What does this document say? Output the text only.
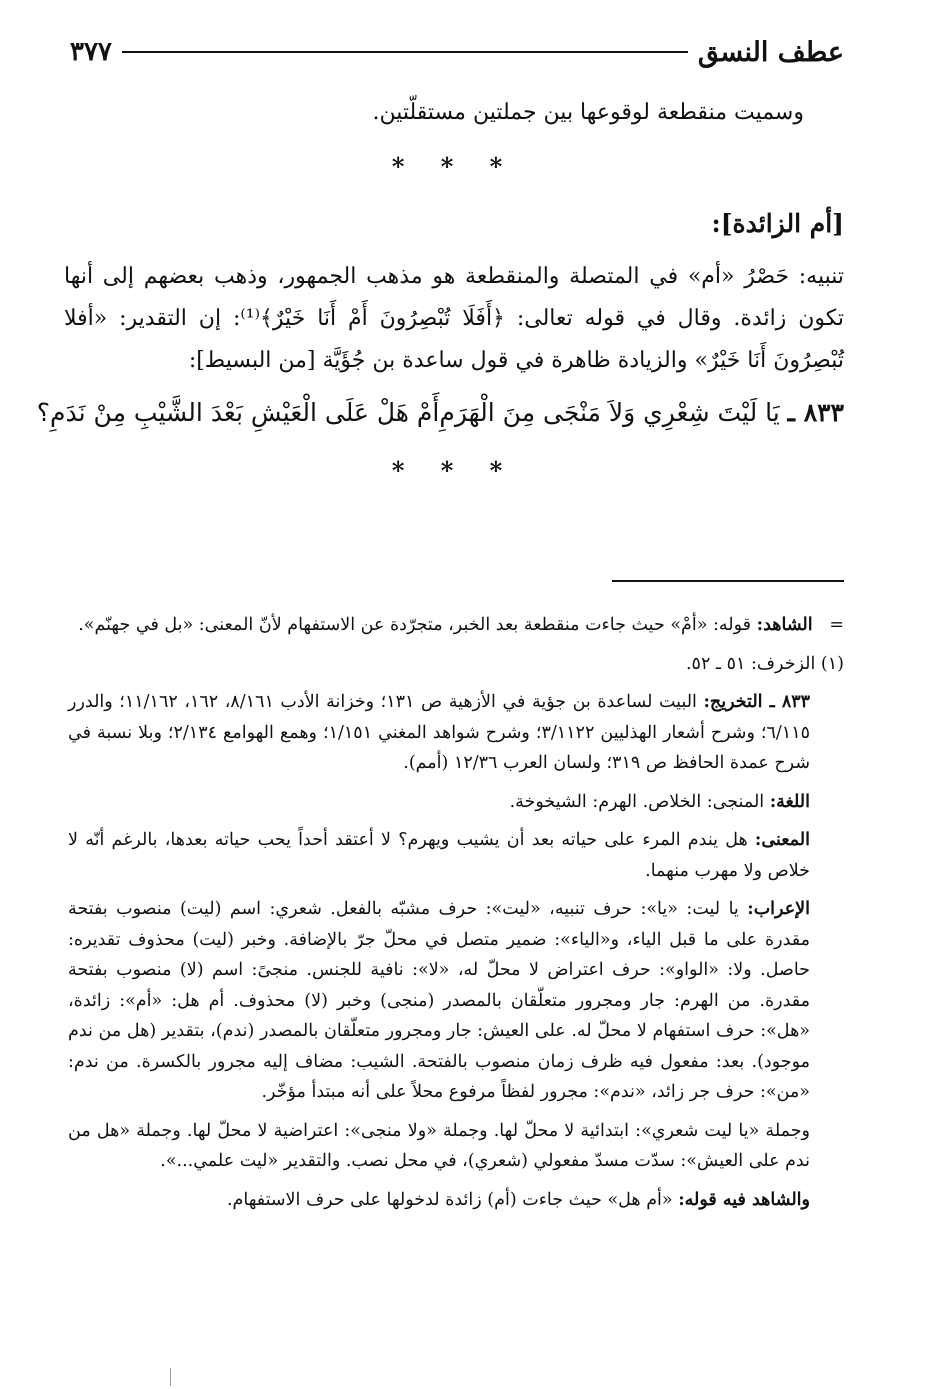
عطف النسق
٣٧٧

وسميت منقطعة لوقوعها بين جملتين مستقلّتين.

* * *
[أم الزائدة]:

تنبيه: حَصْرُ «أم» في المتصلة والمنقطعة هو مذهب الجمهور، وذهب بعضهم إلى أنها تكون زائدة. وقال في قوله تعالى: ﴿أَفَلَا تُبْصِرُونَ أَمْ أَنَا خَيْرٌ﴾⁽¹⁾: إن التقدير: «أفلا تُبْصِرُونَ أَنَا خَيْرٌ» والزيادة ظاهرة في قول ساعدة بن جُؤَيَّة [من البسيط]:

٨٣٣ ـ يَا لَيْتَ شِعْرِي وَلاَ مَنْجَى مِنَ الْهَرَمِ
أَمْ هَلْ عَلَى الْعَيْشِ بَعْدَ الشَّيْبِ مِنْ نَدَمِ؟
* * *

=   الشاهد: قوله: «أمْ» حيث جاءت منقطعة بعد الخبر، متجرّدة عن الاستفهام لأنّ المعنى: «بل في جهنّم».

(١) الزخرف: ٥١ ـ ٥٢.

٨٣٣ ـ التخريج: البيت لساعدة بن جؤية في الأزهية ص ١٣١؛ وخزانة الأدب ٨/١٦١، ١٦٢، ١١/١٦٢؛ والدرر ٦/١١٥؛ وشرح أشعار الهذليين ٣/١١٢٢؛ وشرح شواهد المغني ١/١٥١؛ وهمع الهوامع ٢/١٣٤؛ وبلا نسبة في شرح عمدة الحافظ ص ٣١٩؛ ولسان العرب ١٢/٣٦ (أمم).

اللغة: المنجى: الخلاص. الهرم: الشيخوخة.

المعنى: هل يندم المرء على حياته بعد أن يشيب ويهرم؟ لا أعتقد أحداً يحب حياته بعدها، بالرغم أنّه لا خلاص ولا مهرب منهما.

الإعراب: يا ليت: «يا»: حرف تنبيه، «ليت»: حرف مشبّه بالفعل. شعري: اسم (ليت) منصوب بفتحة مقدرة على ما قبل الياء، و«الياء»: ضمير متصل في محلّ جرّ بالإضافة. وخبر (ليت) محذوف تقديره: حاصل. ولا: «الواو»: حرف اعتراض لا محلّ له، «لا»: نافية للجنس. منجىً: اسم (لا) منصوب بفتحة مقدرة. من الهرم: جار ومجرور متعلّقان بالمصدر (منجى) وخبر (لا) محذوف. أم هل: «أم»: زائدة، «هل»: حرف استفهام لا محلّ له. على العيش: جار ومجرور متعلّقان بالمصدر (ندم)، بتقدير (هل من ندم موجود). بعد: مفعول فيه ظرف زمان منصوب بالفتحة. الشيب: مضاف إليه مجرور بالكسرة. من ندم: «من»: حرف جر زائد، «ندم»: مجرور لفظاً مرفوع محلاً على أنه مبتدأ مؤخّر.

وجملة «يا ليت شعري»: ابتدائية لا محلّ لها. وجملة «ولا منجى»: اعتراضية لا محلّ لها. وجملة «هل من ندم على العيش»: سدّت مسدّ مفعولي (شعري)، في محل نصب. والتقدير «ليت علمي...».

والشاهد فيه قوله: «أم هل» حيث جاءت (أم) زائدة لدخولها على حرف الاستفهام.
